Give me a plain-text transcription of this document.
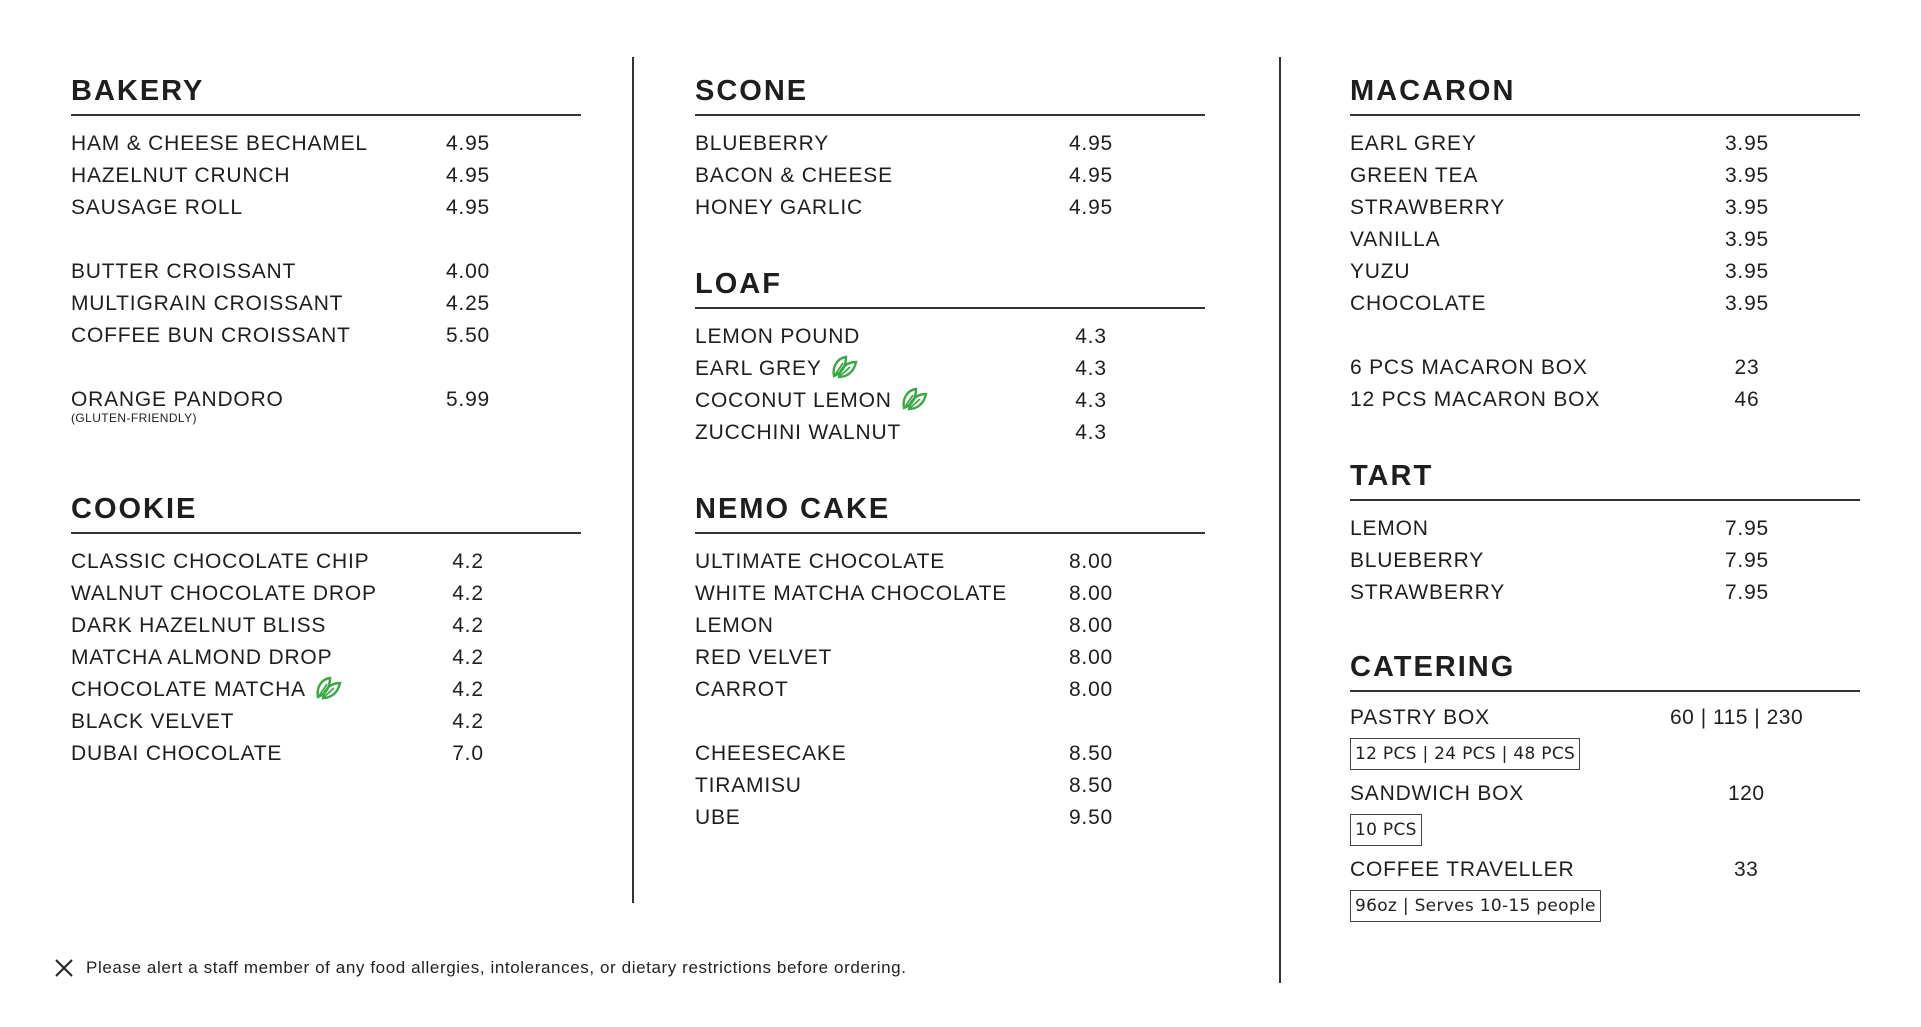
BAKERY
HAM & CHEESE BECHAMEL	4.95
HAZELNUT CRUNCH	4.95
SAUSAGE ROLL	4.95
BUTTER CROISSANT	4.00
MULTIGRAIN CROISSANT	4.25
COFFEE BUN CROISSANT	5.50
ORANGE PANDORO	5.99
(GLUTEN-FRIENDLY)
COOKIE
CLASSIC CHOCOLATE CHIP	4.2
WALNUT CHOCOLATE DROP	4.2
DARK HAZELNUT BLISS	4.2
MATCHA ALMOND DROP	4.2
CHOCOLATE MATCHA	4.2
BLACK VELVET	4.2
DUBAI CHOCOLATE	7.0
SCONE
BLUEBERRY	4.95
BACON & CHEESE	4.95
HONEY GARLIC	4.95
LOAF
LEMON POUND	4.3
EARL GREY	4.3
COCONUT LEMON	4.3
ZUCCHINI WALNUT	4.3
NEMO CAKE
ULTIMATE CHOCOLATE	8.00
WHITE MATCHA CHOCOLATE	8.00
LEMON	8.00
RED VELVET	8.00
CARROT	8.00
CHEESECAKE	8.50
TIRAMISU	8.50
UBE	9.50
MACARON
EARL GREY	3.95
GREEN TEA	3.95
STRAWBERRY	3.95
VANILLA	3.95
YUZU	3.95
CHOCOLATE	3.95
6 PCS MACARON BOX	23
12 PCS MACARON BOX	46
TART
LEMON	7.95
BLUEBERRY	7.95
STRAWBERRY	7.95
CATERING
PASTRY BOX	60 | 115 | 230
12 PCS | 24 PCS | 48 PCS
SANDWICH BOX	120
10 PCS
COFFEE TRAVELLER	33
96oz | Serves 10-15 people
Please alert a staff member of any food allergies, intolerances, or dietary restrictions before ordering.
